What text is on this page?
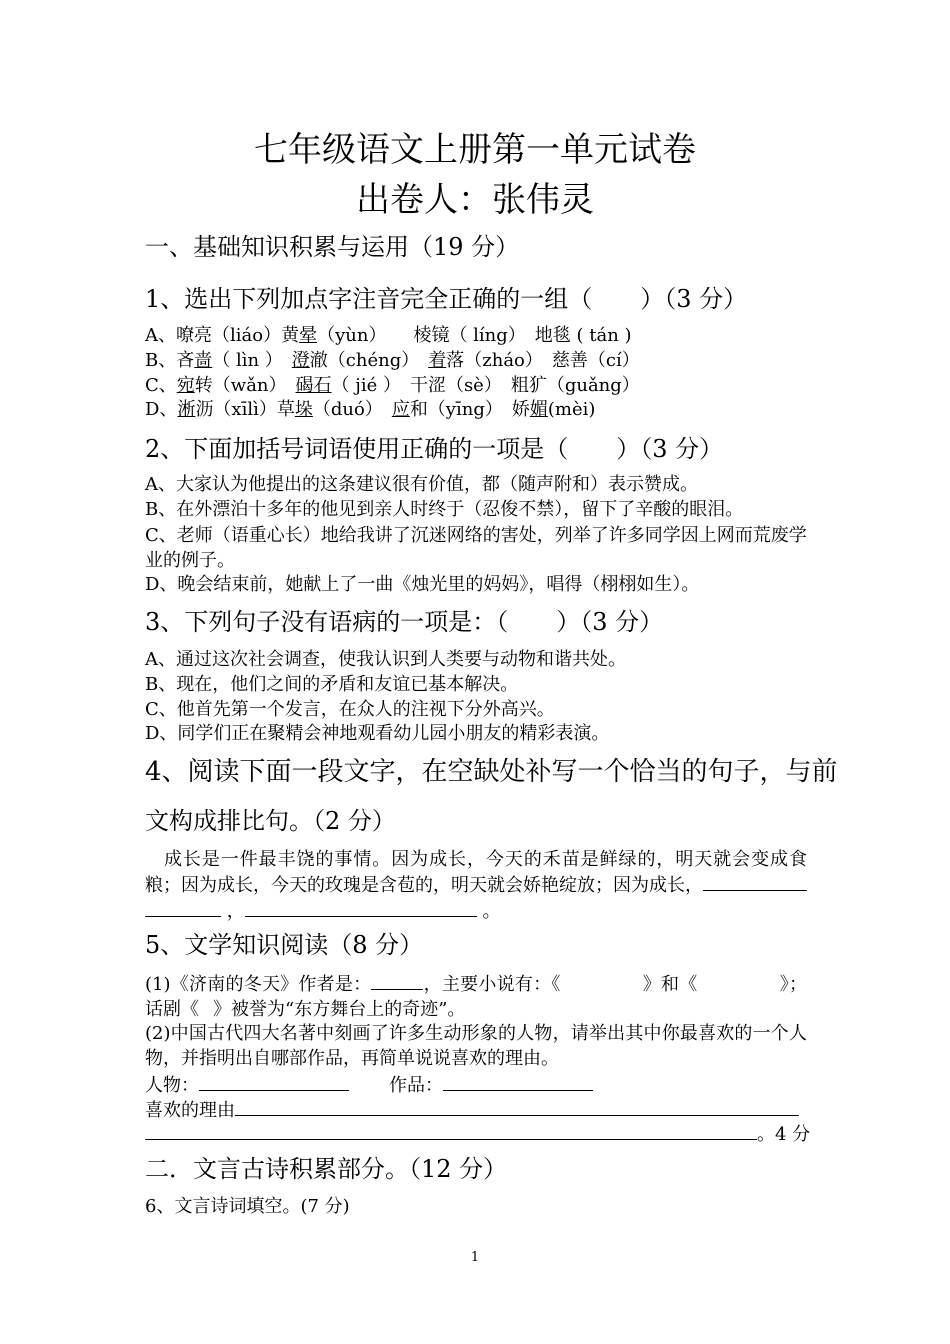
七年级语文上册第一单元试卷
出卷人：张伟灵
一、基础知识积累与运用（19 分）
1、选出下列加点字注音完全正确的一组（　　）（3 分）
A、嘹亮（liáo）黄晕（yùn）　　棱镜（ líng）　地毯 ( tán )
B、吝啬（ lìn ）　澄澈（chéng）　着落（zháo）　慈善（cí）
C、宛转（wǎn）　碣石（ jié ）　干涩（sè）　粗犷（guǎng）
D、淅沥（xīlì）草垛（duó）　应和（yīng）　娇媚(mèi)
2、下面加括号词语使用正确的一项是（　　）（3 分）
A、大家认为他提出的这条建议很有价值，都（随声附和）表示赞成。
B、在外漂泊十多年的他见到亲人时终于（忍俊不禁），留下了辛酸的眼泪。
C、老师（语重心长）地给我讲了沉迷网络的害处，列举了许多同学因上网而荒废学业的例子。
D、晚会结束前，她献上了一曲《烛光里的妈妈》，唱得（栩栩如生）。
3、下列句子没有语病的一项是：（　　）（3 分）
A、通过这次社会调查，使我认识到人类要与动物和谐共处。
B、现在，他们之间的矛盾和友谊已基本解决。
C、他首先第一个发言，在众人的注视下分外高兴。
D、同学们正在聚精会神地观看幼儿园小朋友的精彩表演。
4、阅读下面一段文字，在空缺处补写一个恰当的句子，与前
文构成排比句。（2 分）
　成长是一件最丰饶的事情。因为成长，今天的禾苗是鲜绿的，明天就会变成食粮；因为成长，今天的玫瑰是含苞的，明天就会娇艳绽放；因为成长，
，	。
5、文学知识阅读（8 分）
(1)《济南的冬天》作者是：	，主要小说有：《	》和《	》；话剧《 》被誉为“东方舞台上的奇迹”。
(2)中国古代四大名著中刻画了许多生动形象的人物，请举出其中你最喜欢的一个人物，并指明出自哪部作品，再简单说说喜欢的理由。
人物：	作品：
喜欢的理由
。4 分
二．文言古诗积累部分。（12 分）
6、文言诗词填空。(7 分)
1
